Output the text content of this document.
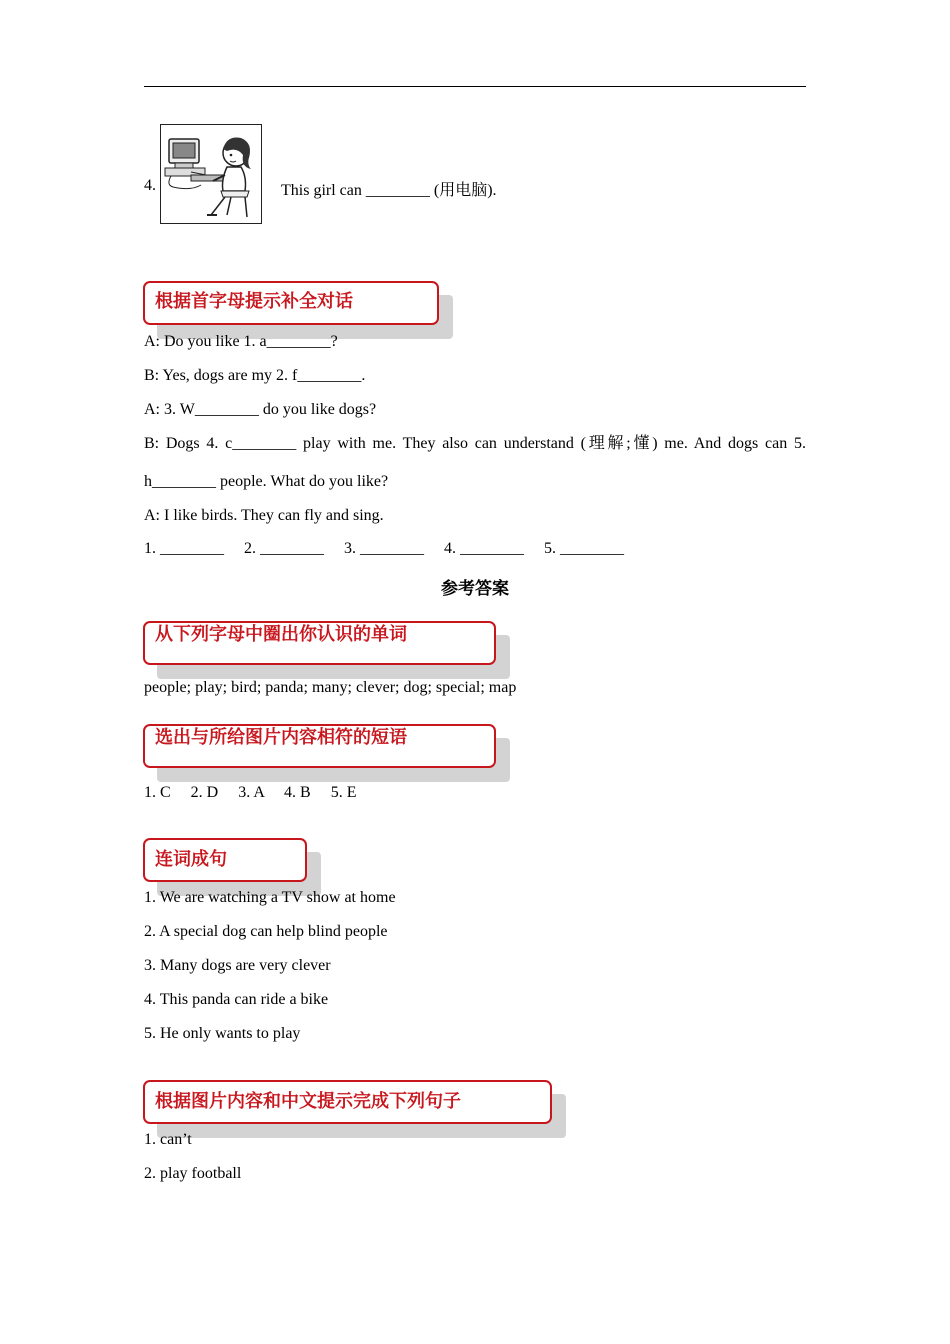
4.	This girl can ________ (用电脑).
根据首字母提示补全对话
A: Do you like 1. a________?
B: Yes, dogs are my 2. f________.
A: 3. W________ do you like dogs?
B: Dogs 4. c________ play with me. They also can understand (理解;懂) me. And dogs can 5.
h________ people. What do you like?
A: I like birds. They can fly and sing.
1. ________ 2. ________ 3. ________ 4. ________ 5. ________
参考答案
从下列字母中圈出你认识的单词
people; play; bird; panda; many; clever; dog; special; map
选出与所给图片内容相符的短语
1. C     2. D     3. A     4. B     5. E
连词成句
1. We are watching a TV show at home
2. A special dog can help blind people
3. Many dogs are very clever
4. This panda can ride a bike
5. He only wants to play
根据图片内容和中文提示完成下列句子
1. can’t
2. play football
